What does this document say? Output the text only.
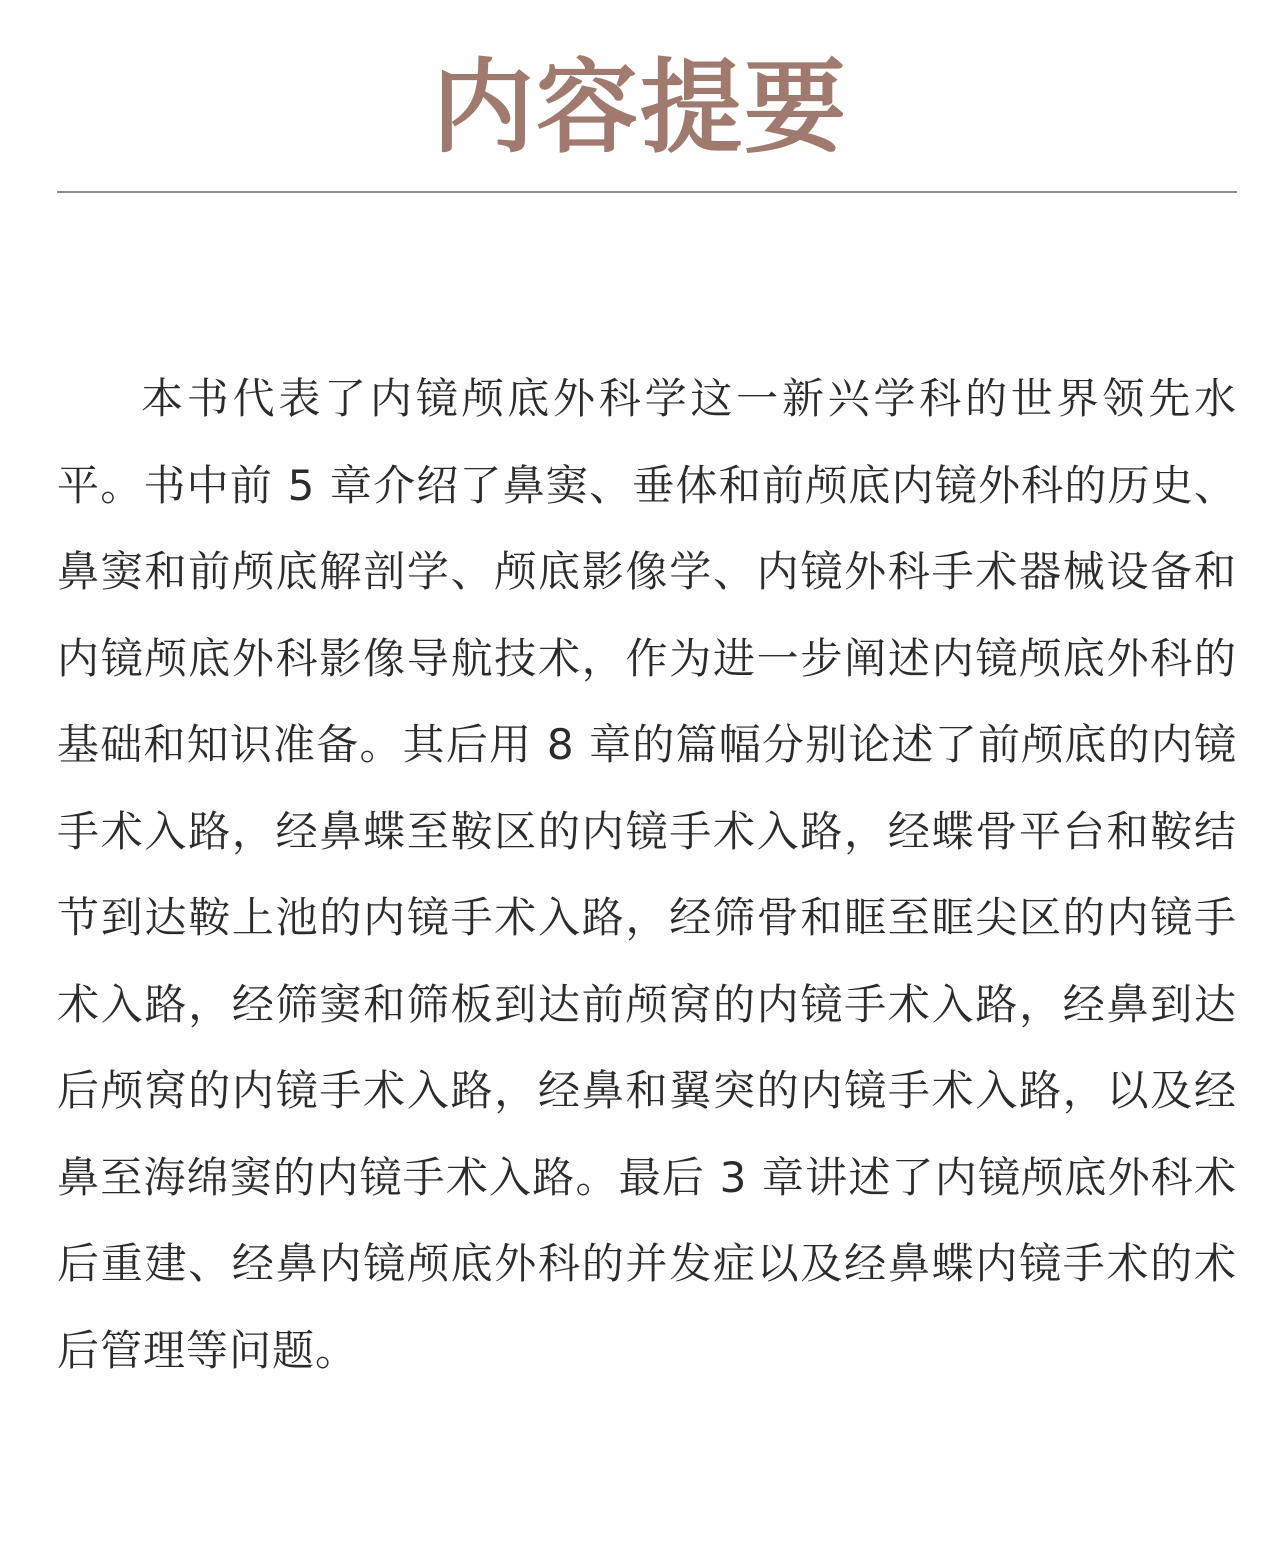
内容提要

本书代表了内镜颅底外科学这一新兴学科的世界领先水平。书中前 5 章介绍了鼻窦、垂体和前颅底内镜外科的历史、鼻窦和前颅底解剖学、颅底影像学、内镜外科手术器械设备和内镜颅底外科影像导航技术，作为进一步阐述内镜颅底外科的基础和知识准备。其后用 8 章的篇幅分别论述了前颅底的内镜手术入路，经鼻蝶至鞍区的内镜手术入路，经蝶骨平台和鞍结节到达鞍上池的内镜手术入路，经筛骨和眶至眶尖区的内镜手术入路，经筛窦和筛板到达前颅窝的内镜手术入路，经鼻到达后颅窝的内镜手术入路，经鼻和翼突的内镜手术入路，以及经鼻至海绵窦的内镜手术入路。最后 3 章讲述了内镜颅底外科术后重建、经鼻内镜颅底外科的并发症以及经鼻蝶内镜手术的术后管理等问题。
